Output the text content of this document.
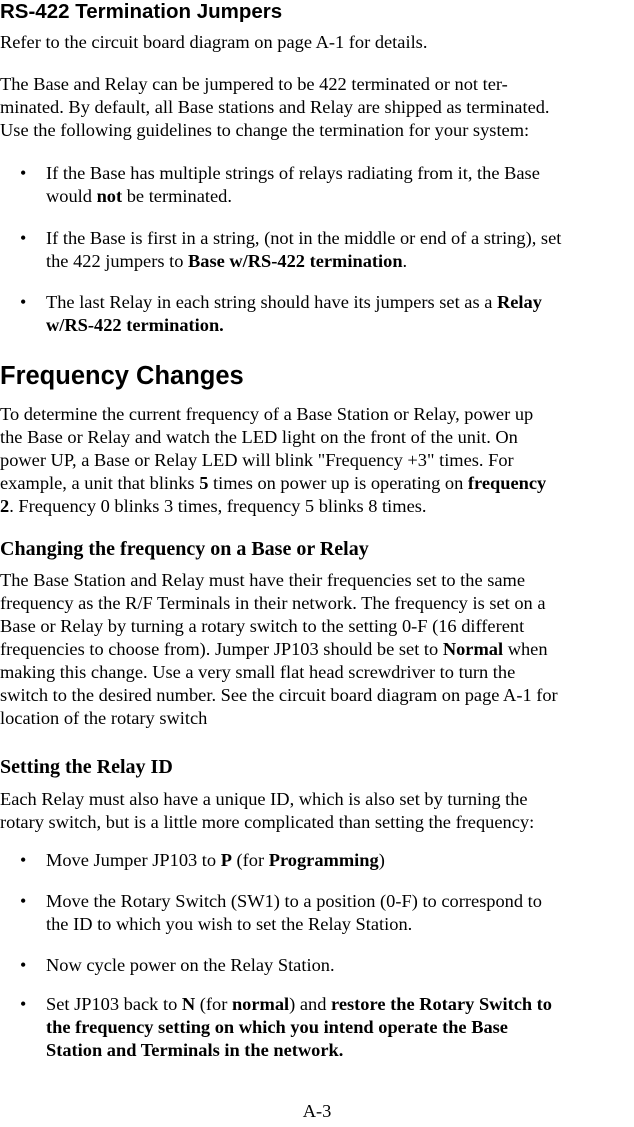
RS-422 Termination Jumpers

Refer to the circuit board diagram on page A-1 for details.

The Base and Relay can be jumpered to be 422 terminated or not ter-
minated. By default, all Base stations and Relay are shipped as terminated.
Use the following guidelines to change the termination for your system:

• If the Base has multiple strings of relays radiating from it, the Base
would not be terminated.
• If the Base is first in a string, (not in the middle or end of a string), set
the 422 jumpers to Base w/RS-422 termination.
• The last Relay in each string should have its jumpers set as a Relay
w/RS-422 termination.
Frequency Changes

To determine the current frequency of a Base Station or Relay, power up
the Base or Relay and watch the LED light on the front of the unit. On
power UP, a Base or Relay LED will blink "Frequency +3" times. For
example, a unit that blinks 5 times on power up is operating on frequency
2. Frequency 0 blinks 3 times, frequency 5 blinks 8 times.

Changing the frequency on a Base or Relay

The Base Station and Relay must have their frequencies set to the same
frequency as the R/F Terminals in their network. The frequency is set on a
Base or Relay by turning a rotary switch to the setting 0-F (16 different
frequencies to choose from). Jumper JP103 should be set to Normal when
making this change. Use a very small flat head screwdriver to turn the
switch to the desired number. See the circuit board diagram on page A-1 for
location of the rotary switch

Setting the Relay ID

Each Relay must also have a unique ID, which is also set by turning the
rotary switch, but is a little more complicated than setting the frequency:

• Move Jumper JP103 to P (for Programming)
• Move the Rotary Switch (SW1) to a position (0-F) to correspond to
the ID to which you wish to set the Relay Station.
• Now cycle power on the Relay Station.
• Set JP103 back to N (for normal) and restore the Rotary Switch to
the frequency setting on which you intend operate the Base
Station and Terminals in the network.
A-3
